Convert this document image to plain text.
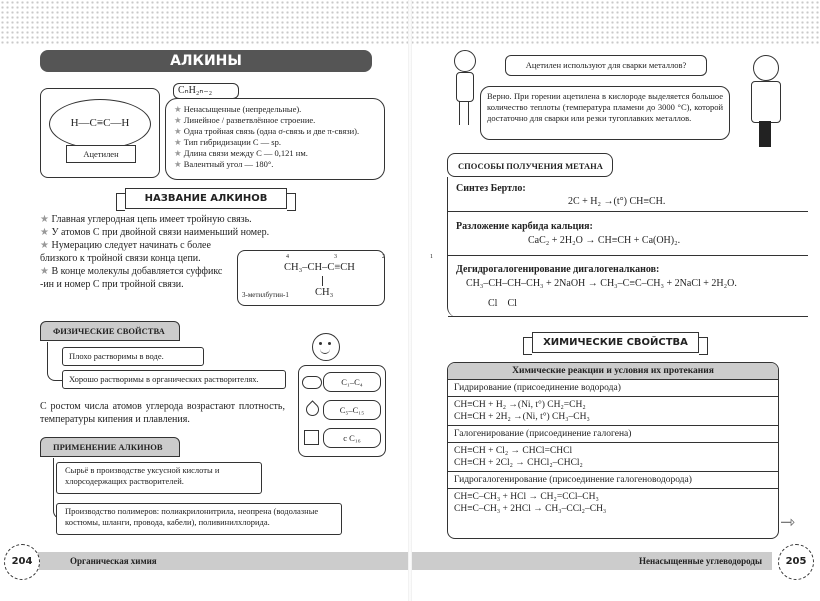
АЛКИНЫ
H—C≡C—H
Ацетилен
★ Ненасыщенные (непредельные).
★ Линейное / разветвлённое строение.
★ Одна тройная связь (одна σ-связь и две π-связи).
★ Тип гибридизации С — sp.
★ Длина связи между С — 0,121 нм.
★ Валентный угол — 180°.
CₙH₂ₙ₋₂
НАЗВАНИЕ АЛКИНОВ
★ Главная углеродная цепь имеет тройную связь.
★ У атомов С при двойной связи наименьший номер.
★ Нумерацию следует начинать с более близкого к тройной связи конца цепи.
★ В конце молекулы добавляется суффикс -ин и номер С при тройной связи.
4  3  2  1
CH₃–CH–C≡CH
CH₃
3-метилбутин-1
ФИЗИЧЕСКИЕ СВОЙСТВА
Плохо растворимы в воде.
Хорошо растворимы в органических растворителях.
С ростом числа атомов углерода возрастают плотность, температуры кипения и плавления.
C₁–C₄
C₅–C₁₅
с C₁₆
ПРИМЕНЕНИЕ АЛКИНОВ
Сырьё в производстве уксусной кислоты и хлорсодержащих растворителей.
Производство полимеров: полиакрилонитрила, неопрена (водолазные костюмы, шланги, провода, кабели), поливинилхлорида.
Органическая химия
204
Ацетилен используют для сварки металлов?
Верно. При горении ацетилена в кислороде выделяется большое количество теплоты (температура пламени до 3000 °С), которой достаточно для сварки или резки тугоплавких металлов.
СПОСОБЫ ПОЛУЧЕНИЯ МЕТАНА
Синтез Бертло:
2C + H₂ →(t°) CH≡CH.
Разложение карбида кальция:
CaC₂ + 2H₂O → CH≡CH + Ca(OH)₂.
Дегидрогалогенирование дигалогеналканов:
CH₃–CH–CH–CH₃ + 2NaOH → CH₃–C≡C–CH₃ + 2NaCl + 2H₂O.
Cl    Cl
ХИМИЧЕСКИЕ СВОЙСТВА
Химические реакции и условия их протекания
Гидрирование (присоединение водорода)

CH≡CH + H₂ →(Ni, t°) CH₂=CH₂
CH≡CH + 2H₂ →(Ni, t°) CH₃–CH₃

Галогенирование (присоединение галогена)

CH≡CH + Cl₂ → CHCl=CHCl
CH≡CH + 2Cl₂ → CHCl₂–CHCl₂

Гидрогалогенирование (присоединение галогеноводорода)

CH≡C–CH₃ + HCl → CH₂=CCl–CH₃
CH≡C–CH₃ + 2HCl → CH₃–CCl₂–CH₃
⇾
Ненасыщенные углеводороды	205
